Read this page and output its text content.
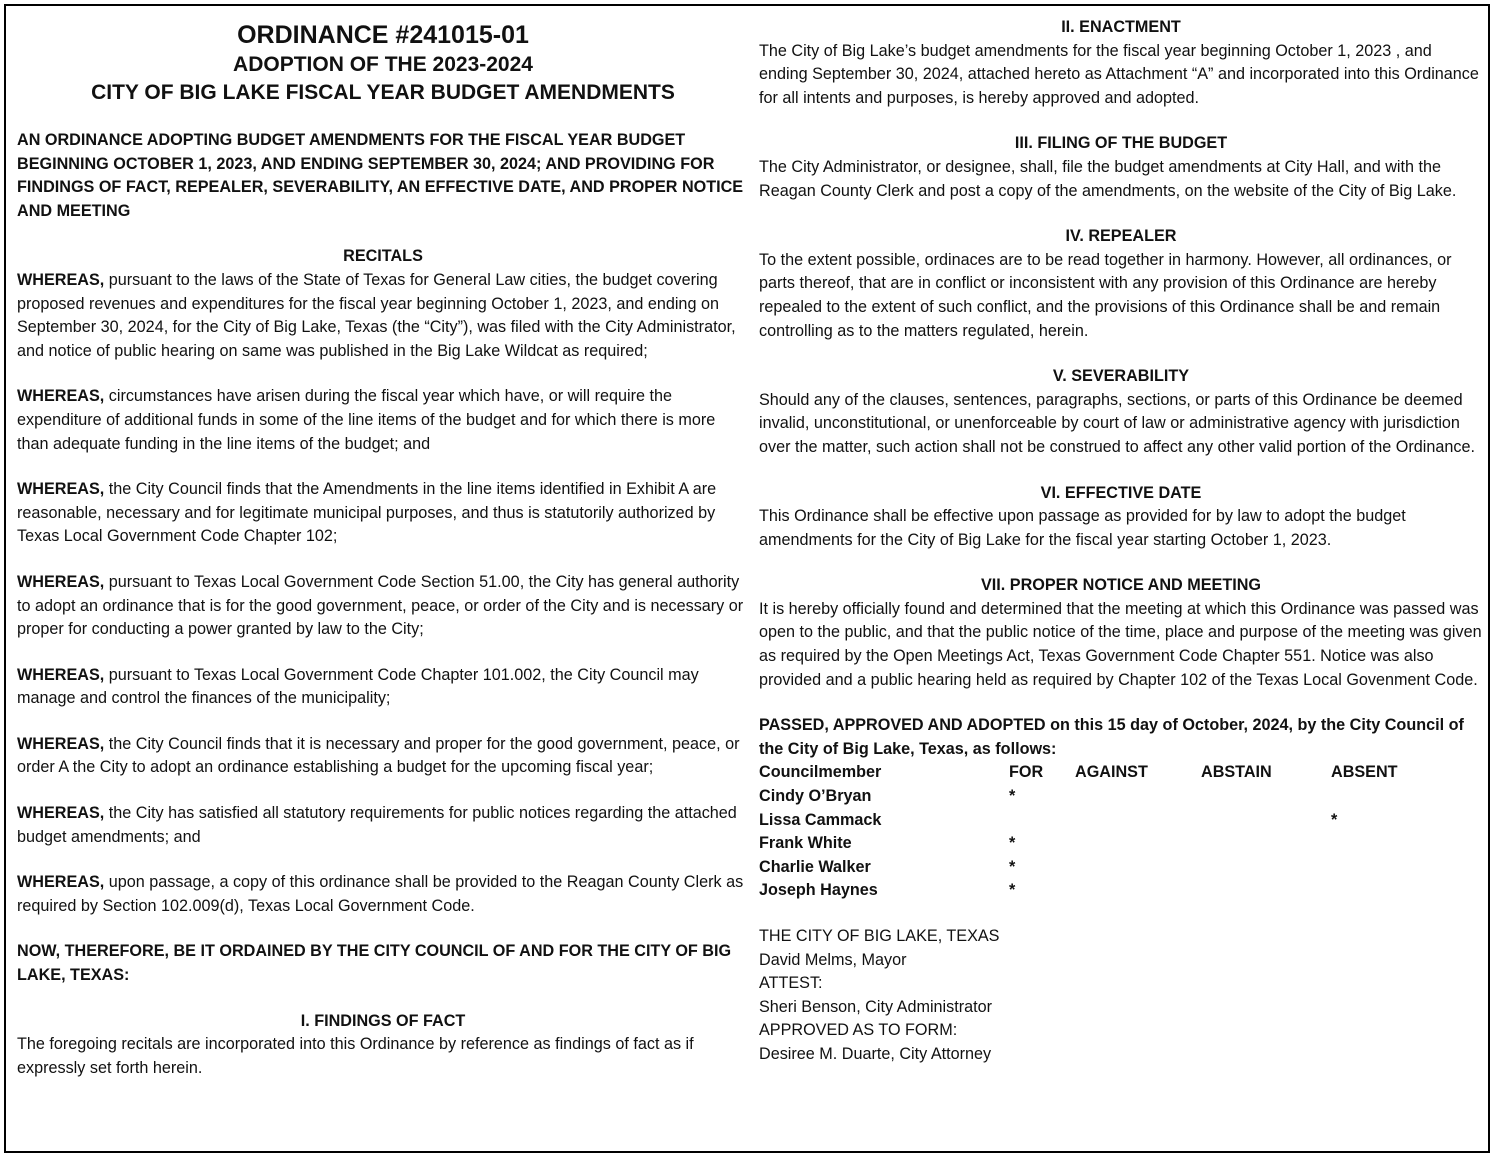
ORDINANCE #241015-01
ADOPTION OF THE 2023-2024
CITY OF BIG LAKE FISCAL YEAR BUDGET AMENDMENTS

AN ORDINANCE ADOPTING BUDGET AMENDMENTS FOR THE FISCAL YEAR BUDGET BEGINNING OCTOBER 1, 2023, AND ENDING SEPTEMBER 30, 2024; AND PROVIDING FOR FINDINGS OF FACT, REPEALER, SEVERABILITY, AN EFFECTIVE DATE, AND PROPER NOTICE AND MEETING

RECITALS

WHEREAS, pursuant to the laws of the State of Texas for General Law cities, the budget covering proposed revenues and expenditures for the fiscal year beginning October 1, 2023, and ending on September 30, 2024, for the City of Big Lake, Texas (the “City”), was filed with the City Administrator, and notice of public hearing on same was published in the Big Lake Wildcat as required;

WHEREAS, circumstances have arisen during the fiscal year which have, or will require the expenditure of additional funds in some of the line items of the budget and for which there is more than adequate funding in the line items of the budget; and

WHEREAS, the City Council finds that the Amendments in the line items identified in Exhibit A are reasonable, necessary and for legitimate municipal purposes, and thus is statutorily authorized by Texas Local Government Code Chapter 102;

WHEREAS, pursuant to Texas Local Government Code Section 51.00, the City has general authority to adopt an ordinance that is for the good government, peace, or order of the City and is necessary or proper for conducting a power granted by law to the City;

WHEREAS, pursuant to Texas Local Government Code Chapter 101.002, the City Council may manage and control the finances of the municipality;

WHEREAS, the City Council finds that it is necessary and proper for the good government, peace, or order A the City to adopt an ordinance establishing a budget for the upcoming fiscal year;

WHEREAS, the City has satisfied all statutory requirements for public notices regarding the attached budget amendments; and

WHEREAS, upon passage, a copy of this ordinance shall be provided to the Reagan County Clerk as required by Section 102.009(d), Texas Local Government Code.

NOW, THEREFORE, BE IT ORDAINED BY THE CITY COUNCIL OF AND FOR THE CITY OF BIG LAKE, TEXAS:

I. FINDINGS OF FACT

The foregoing recitals are incorporated into this Ordinance by reference as findings of fact as if expressly set forth herein.

II. ENACTMENT

The City of Big Lake’s budget amendments for the fiscal year beginning October 1, 2023 , and ending September 30, 2024, attached hereto as Attachment “A” and incorporated into this Ordinance for all intents and purposes, is hereby approved and adopted.

III. FILING OF THE BUDGET

The City Administrator, or designee, shall, file the budget amendments at City Hall, and with the Reagan County Clerk and post a copy of the amendments, on the website of the City of Big Lake.

IV. REPEALER

To the extent possible, ordinaces are to be read together in harmony. However, all ordinances, or parts thereof, that are in conflict or inconsistent with any provision of this Ordinance are hereby repealed to the extent of such conflict, and the provisions of this Ordinance shall be and remain controlling as to the matters regulated, herein.

V. SEVERABILITY

Should any of the clauses, sentences, paragraphs, sections, or parts of this Ordinance be deemed invalid, unconstitutional, or unenforceable by court of law or administrative agency with jurisdiction over the matter, such action shall not be construed to affect any other valid portion of the Ordinance.

VI. EFFECTIVE DATE

This Ordinance shall be effective upon passage as provided for by law to adopt the budget amendments for the City of Big Lake for the fiscal year starting October 1, 2023.

VII. PROPER NOTICE AND MEETING

It is hereby officially found and determined that the meeting at which this Ordinance was passed was open to the public, and that the public notice of the time, place and purpose of the meeting was given as required by the Open Meetings Act, Texas Government Code Chapter 551. Notice was also provided and a public hearing held as required by Chapter 102 of the Texas Local Govenment Code.

PASSED, APPROVED AND ADOPTED on this 15 day of October, 2024, by the City Council of the City of Big Lake, Texas, as follows:

Councilmember	FOR	AGAINST	ABSTAIN	ABSENT
Cindy O’Bryan	*			
Lissa Cammack				*
Frank White	*			
Charlie Walker	*			
Joseph Haynes	*			
THE CITY OF BIG LAKE, TEXAS
David Melms, Mayor
ATTEST:
Sheri Benson, City Administrator
APPROVED AS TO FORM:
Desiree M. Duarte, City Attorney
